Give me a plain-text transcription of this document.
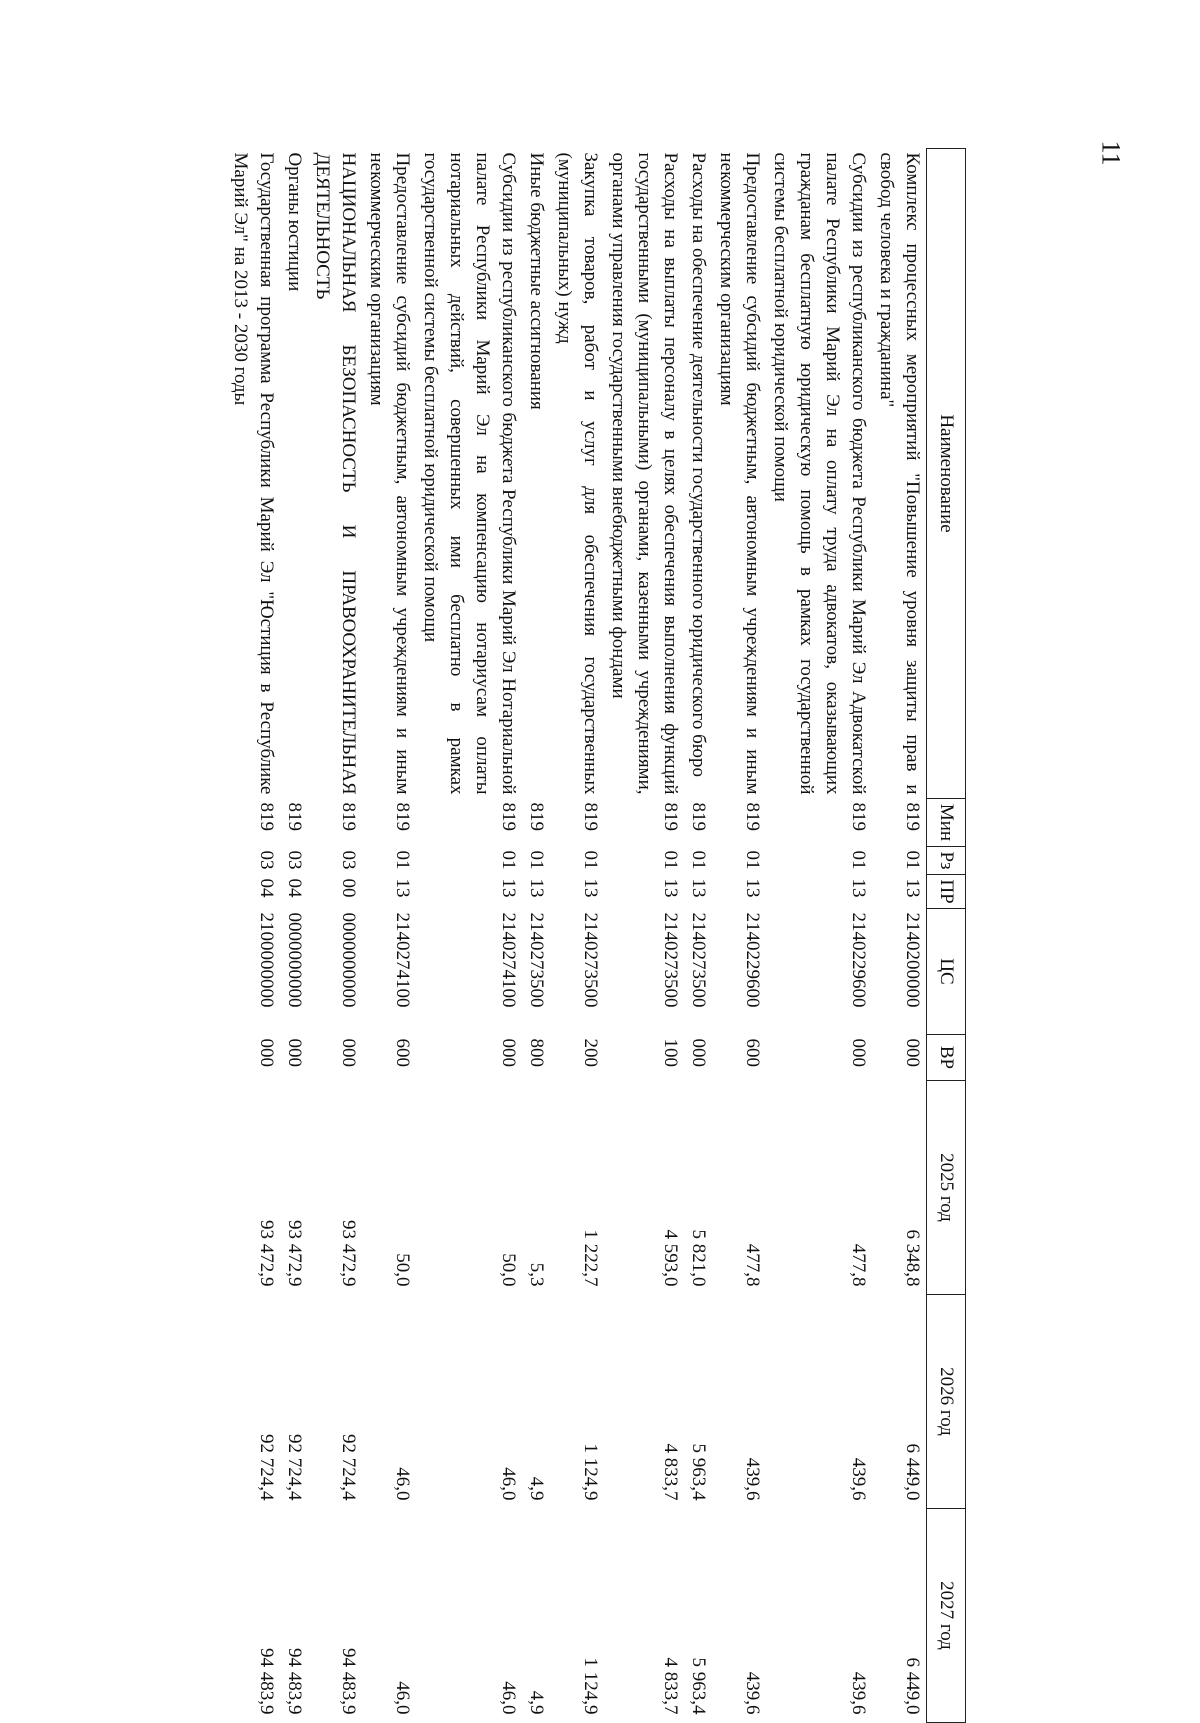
11
Наименование	Мин	Рз	ПР	ЦС	ВР	2025 год	2026 год	2027 год
Комплекс процессных мероприятий "Повышение уровня защиты прав и свобод человека и гражданина"	819	01	13	2140200000	000	6 348,8	6 449,0	6 449,0
Субсидии из республиканского бюджета Республики Марий Эл Адвокатской палате Республики Марий Эл на оплату труда адвокатов, оказывающих гражданам бесплатную юридическую помощь в рамках государственной системы бесплатной юридической помощи	819	01	13	2140229600	000	477,8	439,6	439,6
Предоставление субсидий бюджетным, автономным учреждениям и иным некоммерческим организациям	819	01	13	2140229600	600	477,8	439,6	439,6
Расходы на обеспечение деятельности государственного юридического бюро	819	01	13	2140273500	000	5 821,0	5 963,4	5 963,4
Расходы на выплаты персоналу в целях обеспечения выполнения функций государственными (муниципальными) органами, казенными учреждениями, органами управления государственными внебюджетными фондами	819	01	13	2140273500	100	4 593,0	4 833,7	4 833,7
Закупка товаров, работ и услуг для обеспечения государственных (муниципальных) нужд	819	01	13	2140273500	200	1 222,7	1 124,9	1 124,9
Иные бюджетные ассигнования	819	01	13	2140273500	800	5,3	4,9	4,9
Субсидии из республиканского бюджета Республики Марий Эл Нотариальной палате Республики Марий Эл на компенсацию нотариусам оплаты нотариальных действий, совершенных ими бесплатно в рамках государственной системы бесплатной юридической помощи	819	01	13	2140274100	000	50,0	46,0	46,0
Предоставление субсидий бюджетным, автономным учреждениям и иным некоммерческим организациям	819	01	13	2140274100	600	50,0	46,0	46,0
НАЦИОНАЛЬНАЯ БЕЗОПАСНОСТЬ И ПРАВООХРАНИТЕЛЬНАЯ ДЕЯТЕЛЬНОСТЬ	819	03	00	0000000000	000	93 472,9	92 724,4	94 483,9
Органы юстиции	819	03	04	0000000000	000	93 472,9	92 724,4	94 483,9
Государственная программа Республики Марий Эл "Юстиция в Республике Марий Эл" на 2013 - 2030 годы	819	03	04	2100000000	000	93 472,9	92 724,4	94 483,9
